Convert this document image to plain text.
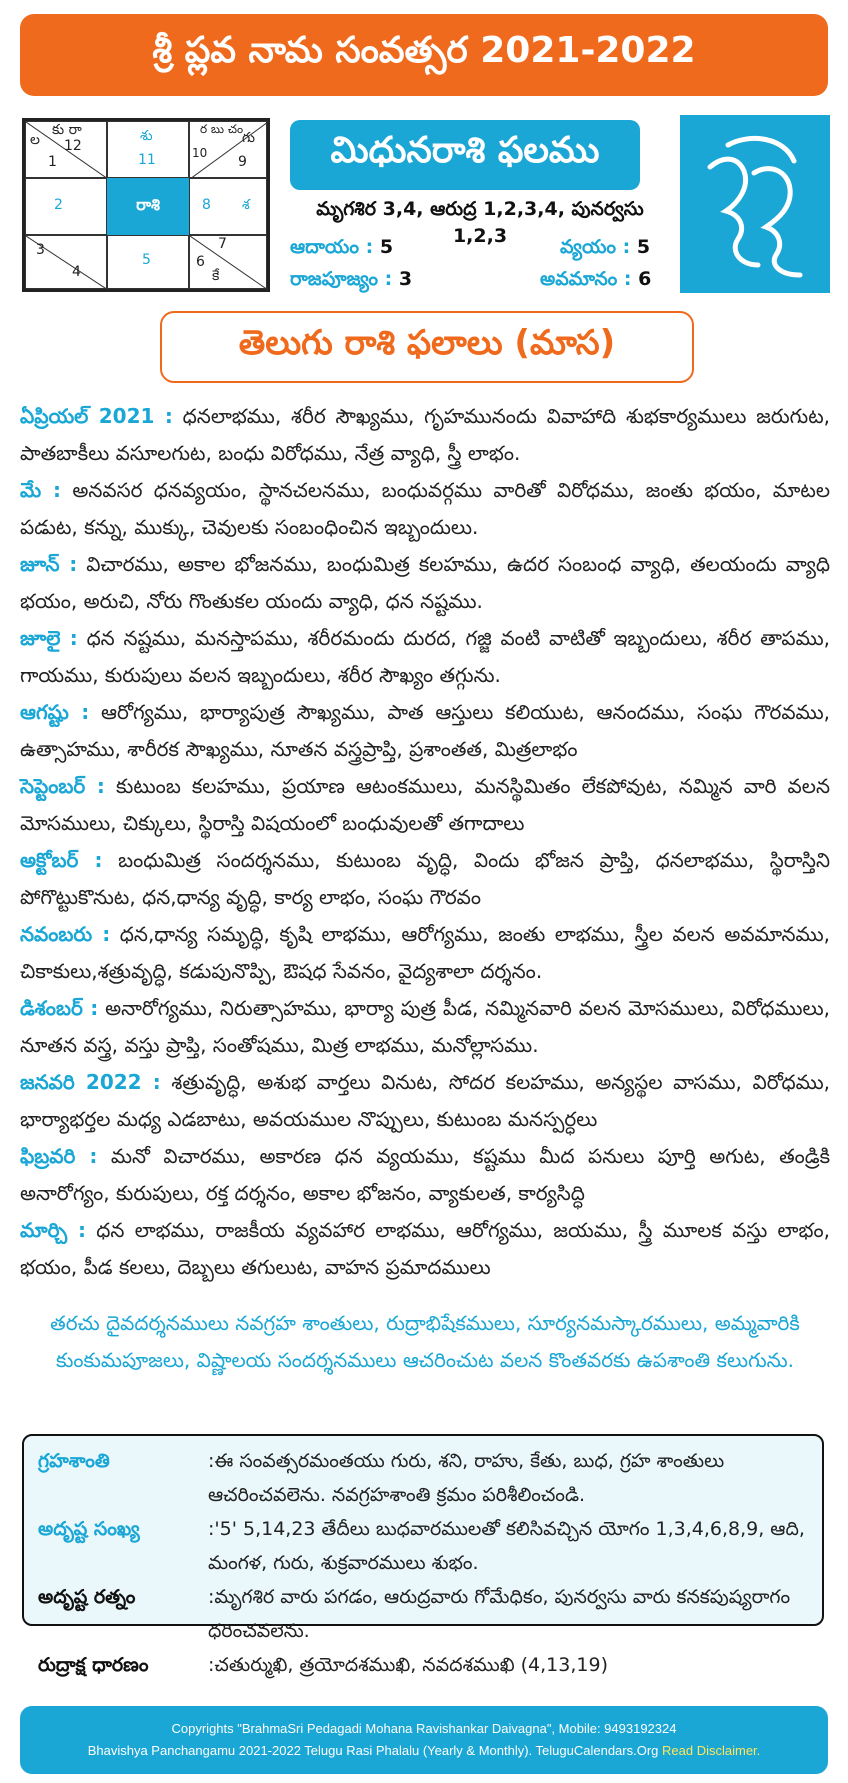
శ్రీ ప్లవ నామ సంవత్సర 2021-2022
ల
కు రా
12
1
శు
11	10
ర బు చం
గు
9
2	రాశి	8 శ
3
4
5
7
6
కే
మిధునరాశి ఫలము
మృగశిర 3,4, ఆరుద్ర 1,2,3,4, పునర్వసు 1,2,3
ఆదాయం : 5	వ్యయం : 5
రాజపూజ్యం : 3	అవమానం : 6
తెలుగు రాశి ఫలాలు (మాస)

ఏప్రియల్ 2021 : ధనలాభము, శరీర సౌఖ్యము, గృహమునందు వివాహాది శుభకార్యములు జరుగుట, పాతబాకీలు వసూలగుట, బంధు విరోధము, నేత్ర వ్యాధి, స్త్రీ లాభం.

మే : అనవసర ధనవ్యయం, స్థానచలనము, బంధువర్గము వారితో విరోధము, జంతు భయం, మాటల పడుట, కన్ను, ముక్కు, చెవులకు సంబంధించిన ఇబ్బందులు.

జూన్ : విచారము, అకాల భోజనము, బంధుమిత్ర కలహము, ఉదర సంబంధ వ్యాధి, తలయందు వ్యాధి భయం, అరుచి, నోరు గొంతుకల యందు వ్యాధి, ధన నష్టము.

జూలై : ధన నష్టము, మనస్తాపము, శరీరమందు దురద, గజ్జి వంటి వాటితో ఇబ్బందులు, శరీర తాపము, గాయము, కురుపులు వలన ఇబ్బందులు, శరీర సౌఖ్యం తగ్గును.

ఆగష్టు : ఆరోగ్యము, భార్యాపుత్ర సౌఖ్యము, పాత ఆస్తులు కలియుట, ఆనందము, సంఘ గౌరవము, ఉత్సాహము, శారీరక సౌఖ్యము, నూతన వస్త్రప్రాప్తి, ప్రశాంతత, మిత్రలాభం

సెప్టెంబర్ : కుటుంబ కలహము, ప్రయాణ ఆటంకములు, మనస్థిమితం లేకపోవుట, నమ్మిన వారి వలన మోసములు, చిక్కులు, స్థిరాస్తి విషయంలో బంధువులతో తగాదాలు

అక్టోబర్ : బంధుమిత్ర సందర్శనము, కుటుంబ వృద్ధి, విందు భోజన ప్రాప్తి, ధనలాభము, స్థిరాస్తిని పోగొట్టుకొనుట, ధన,ధాన్య వృద్ధి, కార్య లాభం, సంఘ గౌరవం

నవంబరు : ధన,ధాన్య సమృద్ధి, కృషి లాభము, ఆరోగ్యము, జంతు లాభము, స్త్రీల వలన అవమానము, చికాకులు,శత్రువృద్ధి, కడుపునొప్పి, ఔషధ సేవనం, వైద్యశాలా దర్శనం.

డిశంబర్ : అనారోగ్యము, నిరుత్సాహము, భార్యా పుత్ర పీడ, నమ్మినవారి వలన మోసములు, విరోధములు, నూతన వస్త్ర, వస్తు ప్రాప్తి, సంతోషము, మిత్ర లాభము, మనోల్లాసము.

జనవరి 2022 : శత్రువృద్ధి, అశుభ వార్తలు వినుట, సోదర కలహము, అన్యస్థల వాసము, విరోధము, భార్యాభర్తల మధ్య ఎడబాటు, అవయముల నొప్పులు, కుటుంబ మనస్పర్ధలు

ఫిబ్రవరి : మనో విచారము, అకారణ ధన వ్యయము, కష్టము మీద పనులు పూర్తి అగుట, తండ్రికి అనారోగ్యం, కురుపులు, రక్త దర్శనం, అకాల భోజనం, వ్యాకులత, కార్యసిద్ధి

మార్చి : ధన లాభము, రాజకీయ వ్యవహార లాభము, ఆరోగ్యము, జయము, స్త్రీ మూలక వస్తు లాభం, భయం, పీడ కలలు, దెబ్బలు తగులుట, వాహన ప్రమాదములు

తరచు దైవదర్శనములు నవగ్రహ శాంతులు, రుద్రాభిషేకములు, సూర్యనమస్కారములు, అమ్మవారికి కుంకుమపూజలు, విష్ణాలయ సందర్శనములు ఆచరించుట వలన కొంతవరకు ఉపశాంతి కలుగును.
గ్రహశాంతి	:ఈ సంవత్సరమంతయు గురు, శని, రాహు, కేతు, బుధ, గ్రహ శాంతులు ఆచరించవలెను. నవగ్రహశాంతి క్రమం పరిశీలించండి.
అదృష్ట సంఖ్య	:'5' 5,14,23 తేదీలు బుధవారములతో కలిసివచ్చిన యోగం 1,3,4,6,8,9, ఆది, మంగళ, గురు, శుక్రవారములు శుభం.
అదృష్ట రత్నం	:మృగశిర వారు పగడం, ఆరుద్రవారు గోమేధికం, పునర్వసు వారు కనకపుష్యరాగం ధరించవలెను.
రుద్రాక్ష ధారణం	:చతుర్ముఖి, త్రయోదశముఖి, నవదశముఖి (4,13,19)
Copyrights "BrahmaSri Pedagadi Mohana Ravishankar Daivagna", Mobile: 9493192324
Bhavishya Panchangamu 2021-2022 Telugu Rasi Phalalu (Yearly & Monthly). TeluguCalendars.Org Read Disclaimer.
